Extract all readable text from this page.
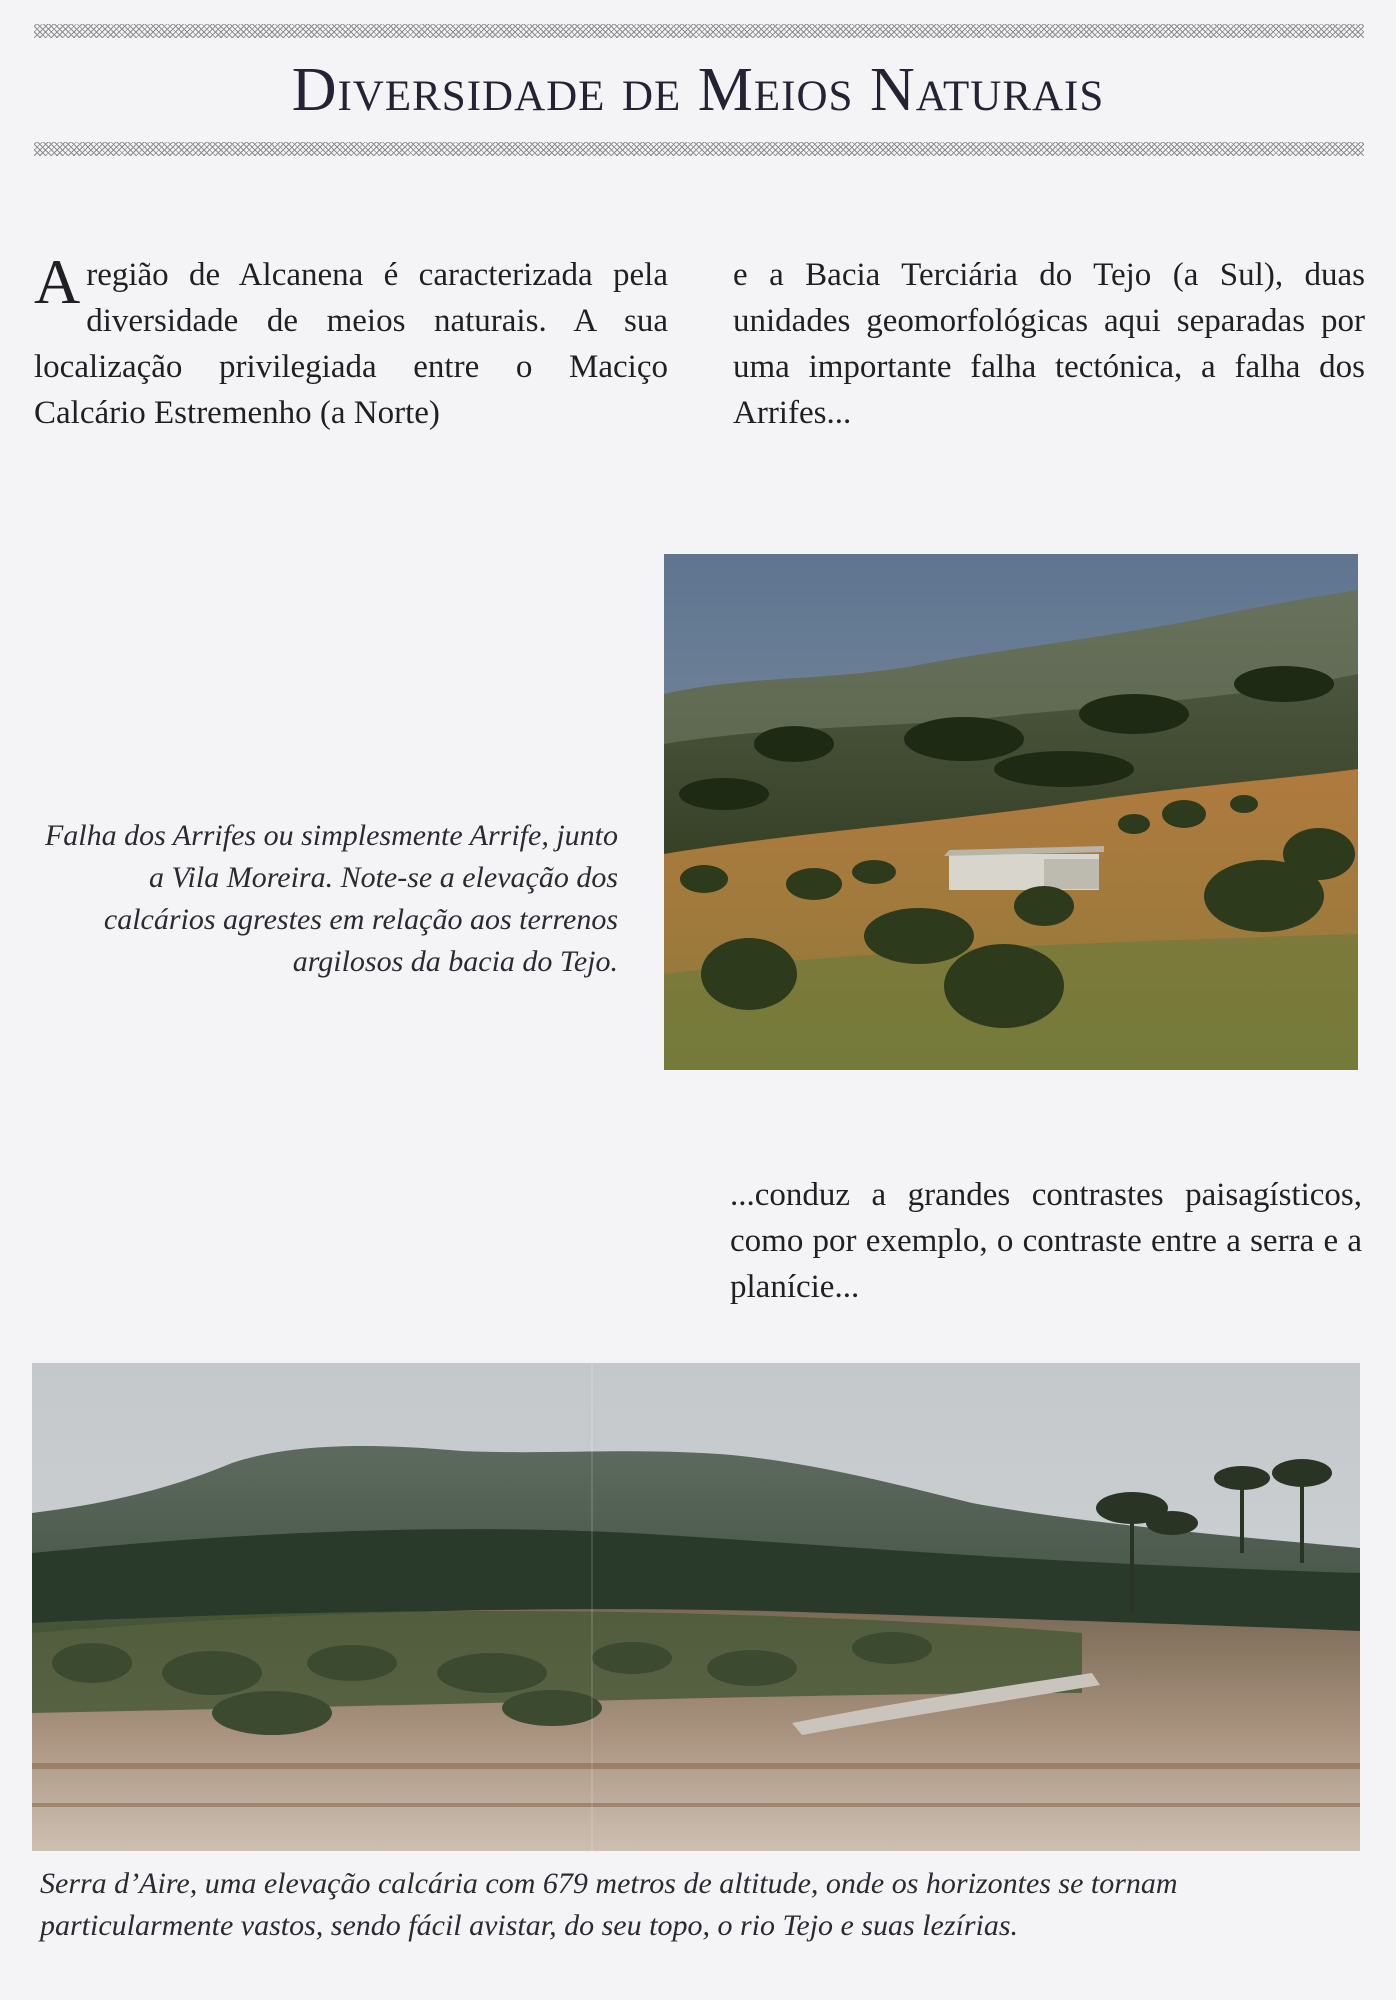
Diversidade de Meios Naturais
Aregião de Alcanena é caracterizada pela diversidade de meios naturais. A sua localização privilegiada entre o Maciço Calcário Estremenho (a Norte)
e a Bacia Terciária do Tejo (a Sul), duas unidades geomorfológicas aqui separadas por uma importante falha tectónica, a falha dos Arrifes...
Falha dos Arrifes ou simplesmente Arrife, junto a Vila Moreira. Note-se a elevação dos calcários agrestes em relação aos terrenos argilosos da bacia do Tejo.
...conduz a grandes contrastes paisagísticos, como por exemplo, o contraste entre a serra e a planície...
Serra d’Aire, uma elevação calcária com 679 metros de altitude, onde os horizontes se tornam particularmente vastos, sendo fácil avistar, do seu topo, o rio Tejo e suas lezírias.
